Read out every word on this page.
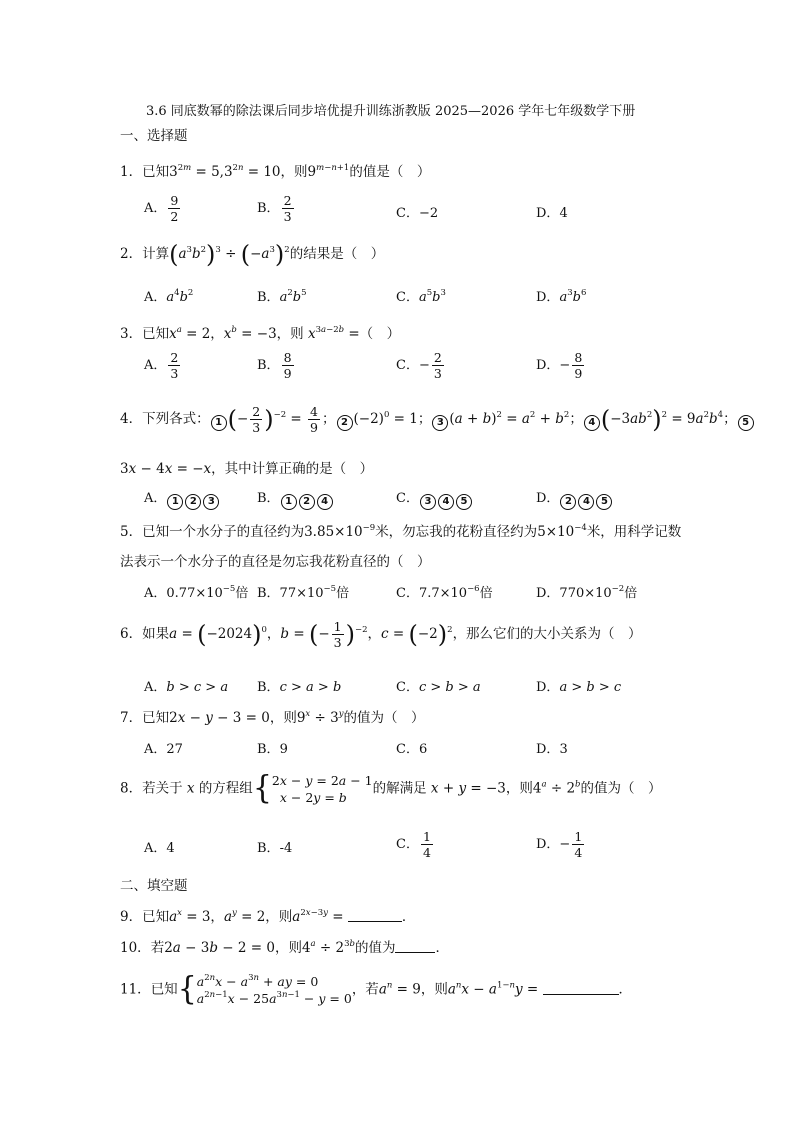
3.6 同底数幂的除法课后同步培优提升训练浙教版 2025—2026 学年七年级数学下册
一、选择题
1．已知$3^{2m} = 5,3^{2n} = 10$，则$9^{m-n+1}$的值是（　）
A． $\frac{9}{2}$	B． $\frac{2}{3}$	C．−2	D．4
2．计算$(a^3b^2)^3 \div (-a^3)^2$的结果是（　）
A．$a^4b^2$	B．$a^2b^5$	C．$a^5b^3$	D．$a^3b^6$
3．已知$x^a = 2$，$x^b = -3$，则 $x^{3a-2b}$ =（　）
A． $\frac{2}{3}$	B． $\frac{8}{9}$	C．− $\frac{2}{3}$	D．− $\frac{8}{9}$
4．下列各式： 1 (− $\frac{2}{3} )^{-2} = \frac{4}{9}$ ； 2 $(-2)^0 = 1$； 3 $(a + b)^2 = a^2 + b^2$； 4 $(-3ab^2)^2 = 9a^2b^4$； 5
3x − 4x = −x，其中计算正确的是（　）
A． 1 2 3	B． 1 2 4	C． 3 4 5	D． 2 4 5
5．已知一个水分子的直径约为$3.85\times 10^{-9}$米，勿忘我的花粉直径约为$5\times 10^{-4}$米，用科学记数
法表示一个水分子的直径是勿忘我花粉直径的（　）
A．$0.77\times 10^{-5}$倍 B．$77\times 10^{-5}$倍	C．$7.7\times 10^{-6}$倍	D．$770\times 10^{-2}$倍
6．如果$a = (-2024)^0$，b = (− $\frac{1}{3} )^{-2}$，$c = (-2)^2$，那么它们的大小关系为（　）
A．b > c > a B．c > a > b	C．c > b > a	D．a > b > c
7．已知2x − y − 3 = 0，则$9^x \div 3^y$的值为（　）
A．27	B．9	C．6	D．3
8．若关于 x 的方程组{ 2x − y = 2a − 1
x − 2y = b
的解满足 x + y = −3，则$4^a \div 2^b$的值为（　）
A．4	B．-4	C． $\frac{1}{4}$	D．− $\frac{1}{4}$
二、填空题
9．已知$a^x = 3$，$a^y = 2$，则$a^{2x-3y}$ =	．
10．若2a − 3b − 2 = 0，则$4^a \div 2^{3b}$的值为	．
11．已知{ $a^{2n}x - a^{3n}$ + ay = 0
$a^{2n-1}x - 25a^{3n-1} - y = 0$
，若$a^n = 9$，则$a^nx - a^{1-n}y$ =	．
